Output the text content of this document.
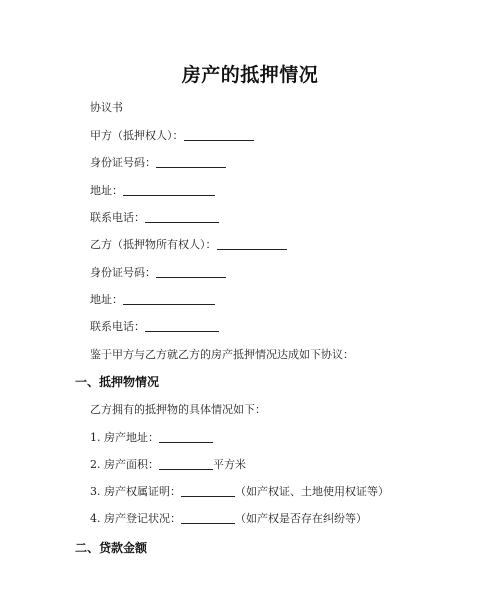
房产的抵押情况
协议书
甲方（抵押权人）：
身份证号码：
地址：
联系电话：
乙方（抵押物所有权人）：
身份证号码：
地址：
联系电话：
鉴于甲方与乙方就乙方的房产抵押情况达成如下协议：
一、抵押物情况
乙方拥有的抵押物的具体情况如下：
1. 房产地址：
2. 房产面积：	平方米
3. 房产权属证明：	（如产权证、土地使用权证等）
4. 房产登记状况：	（如产权是否存在纠纷等）
二、贷款金额
